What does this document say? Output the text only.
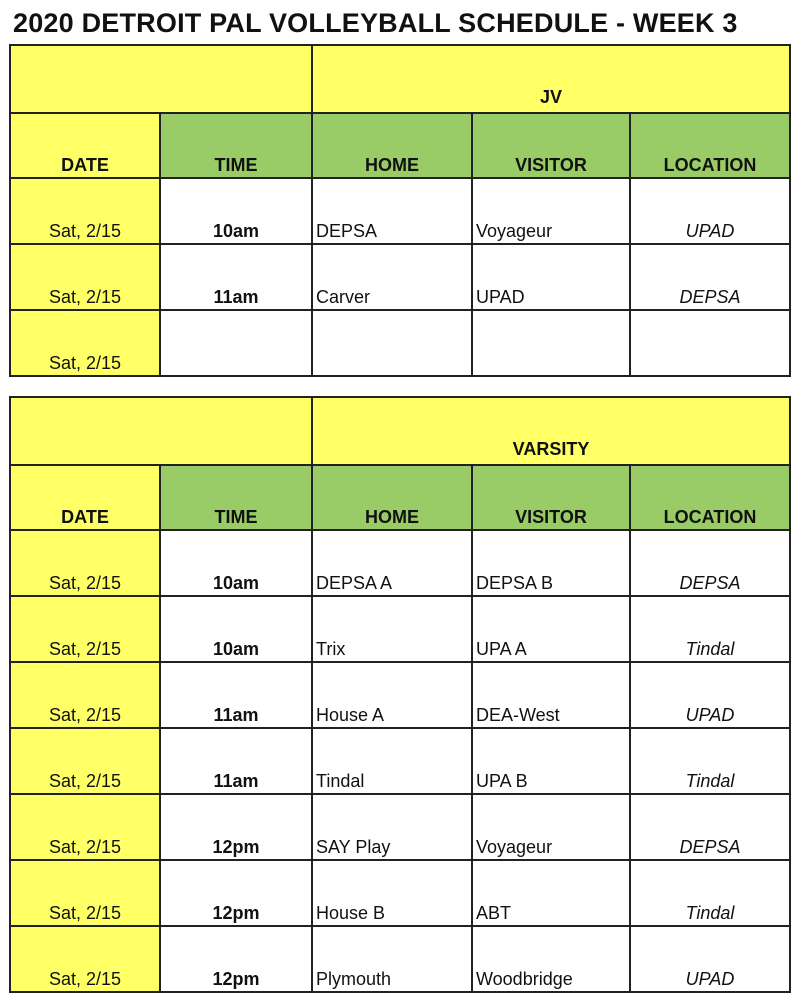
2020 DETROIT PAL VOLLEYBALL SCHEDULE - WEEK 3
		JV		
DATE	TIME	HOME	VISITOR	LOCATION
Sat, 2/15	10am	DEPSA	Voyageur	UPAD
Sat, 2/15	11am	Carver	UPAD	DEPSA
Sat, 2/15				
		VARSITY		
DATE	TIME	HOME	VISITOR	LOCATION
Sat, 2/15	10am	DEPSA A	DEPSA B	DEPSA
Sat, 2/15	10am	Trix	UPA A	Tindal
Sat, 2/15	11am	House A	DEA-West	UPAD
Sat, 2/15	11am	Tindal	UPA B	Tindal
Sat, 2/15	12pm	SAY Play	Voyageur	DEPSA
Sat, 2/15	12pm	House B	ABT	Tindal
Sat, 2/15	12pm	Plymouth	Woodbridge	UPAD
